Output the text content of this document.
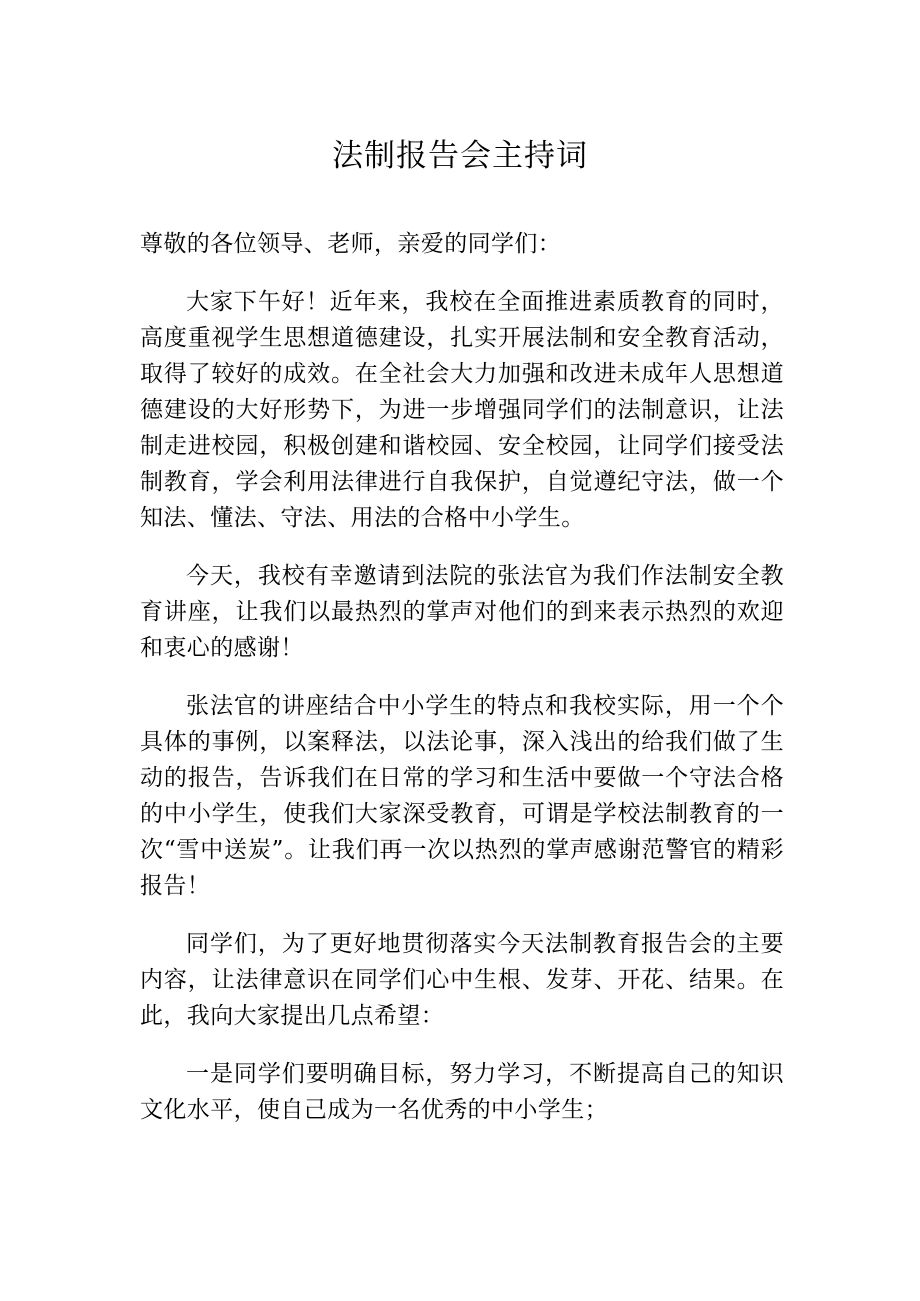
法制报告会主持词

尊敬的各位领导、老师，亲爱的同学们：

大家下午好！近年来，我校在全面推进素质教育的同时，高度重视学生思想道德建设，扎实开展法制和安全教育活动，取得了较好的成效。在全社会大力加强和改进未成年人思想道德建设的大好形势下，为进一步增强同学们的法制意识，让法制走进校园，积极创建和谐校园、安全校园，让同学们接受法制教育，学会利用法律进行自我保护，自觉遵纪守法，做一个知法、懂法、守法、用法的合格中小学生。

今天，我校有幸邀请到法院的张法官为我们作法制安全教育讲座，让我们以最热烈的掌声对他们的到来表示热烈的欢迎和衷心的感谢！

张法官的讲座结合中小学生的特点和我校实际，用一个个具体的事例，以案释法，以法论事，深入浅出的给我们做了生动的报告，告诉我们在日常的学习和生活中要做一个守法合格的中小学生，使我们大家深受教育，可谓是学校法制教育的一次“雪中送炭”。让我们再一次以热烈的掌声感谢范警官的精彩报告！

同学们，为了更好地贯彻落实今天法制教育报告会的主要内容，让法律意识在同学们心中生根、发芽、开花、结果。在此，我向大家提出几点希望：

一是同学们要明确目标，努力学习，不断提高自己的知识文化水平，使自己成为一名优秀的中小学生；
